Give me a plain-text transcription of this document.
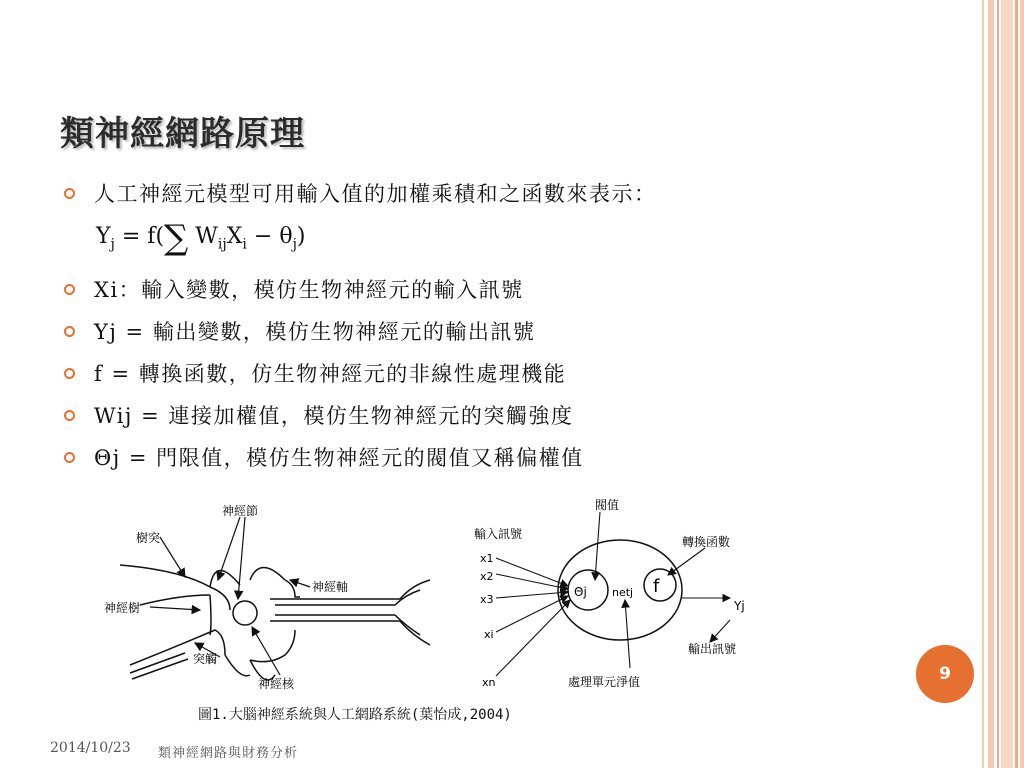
類神經網路原理
人工神經元模型可用輸入值的加權乘積和之函數來表示：
Xi：輸入變數，模仿生物神經元的輸入訊號
Yj = 輸出變數，模仿生物神經元的輸出訊號
f = 轉換函數，仿生物神經元的非線性處理機能
Wij = 連接加權值，模仿生物神經元的突觸強度
Θj = 門限值，模仿生物神經元的閥值又稱偏權值
$Y_j = f(\sum$ $W_{ij}X_i - \theta_j$)
樹突
神經節
神經樹
神經軸
突觸
神經核
輸入訊號
x1
x2
x3
xi
xn
閥值
Θj netj f
轉換函數
Yj
輸出訊號
處理單元淨值
圖1.大腦神經系統與人工網路系統(葉怡成,2004)
9
2014/10/23 類神經網路與財務分析
